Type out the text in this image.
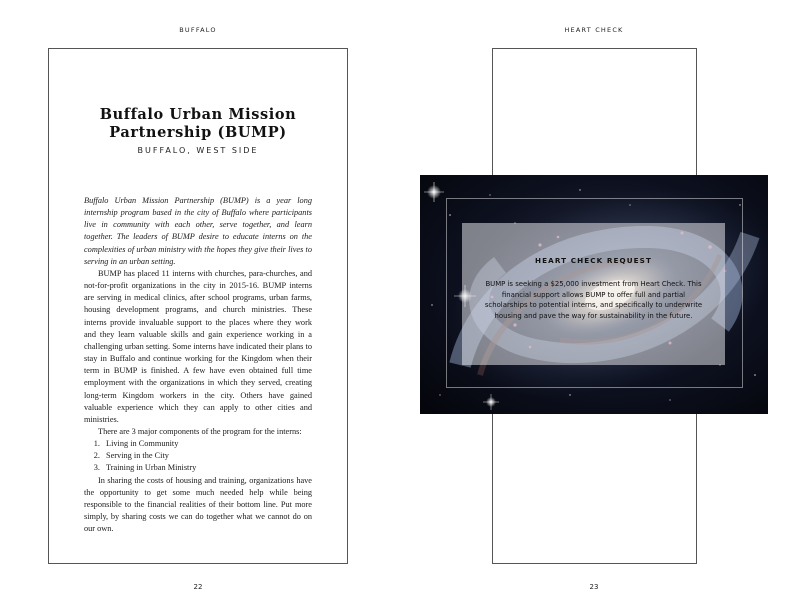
BUFFALO
Buffalo Urban Mission
Partnership (BUMP)
BUFFALO, WEST SIDE

Buffalo Urban Mission Partnership (BUMP) is a year long internship program based in the city of Buffalo where participants live in community with each other, serve together, and learn together. The leaders of BUMP desire to educate interns on the complexities of urban ministry with the hopes they give their lives to serving in an urban setting.

BUMP has placed 11 interns with churches, para-churches, and not-for-profit organizations in the city in 2015-16. BUMP interns are serving in medical clinics, after school programs, urban farms, housing development programs, and church ministries. These interns provide invaluable support to the places where they work and they learn valuable skills and gain experience working in a challenging urban setting. Some interns have indicated their plans to stay in Buffalo and continue working for the Kingdom when their term in BUMP is finished. A few have even obtained full time employment with the organizations in which they served, creating long-term Kingdom workers in the city. Others have gained valuable experience which they can apply to other cities and ministries.

There are 3 major components of the program for the interns:

1. Living in Community
2. Serving in the City
3. Training in Urban Ministry

In sharing the costs of housing and training, organizations have the opportunity to get some much needed help while being responsible to the financial realities of their bottom line. Put more simply, by sharing costs we can do together what we cannot do on our own.

22
HEART CHECK

HEART CHECK REQUEST

BUMP is seeking a $25,000 investment from Heart Check. This financial support allows BUMP to offer full and partial scholarships to potential interns, and specifically to underwrite housing and pave the way for sustainability in the future.

23
